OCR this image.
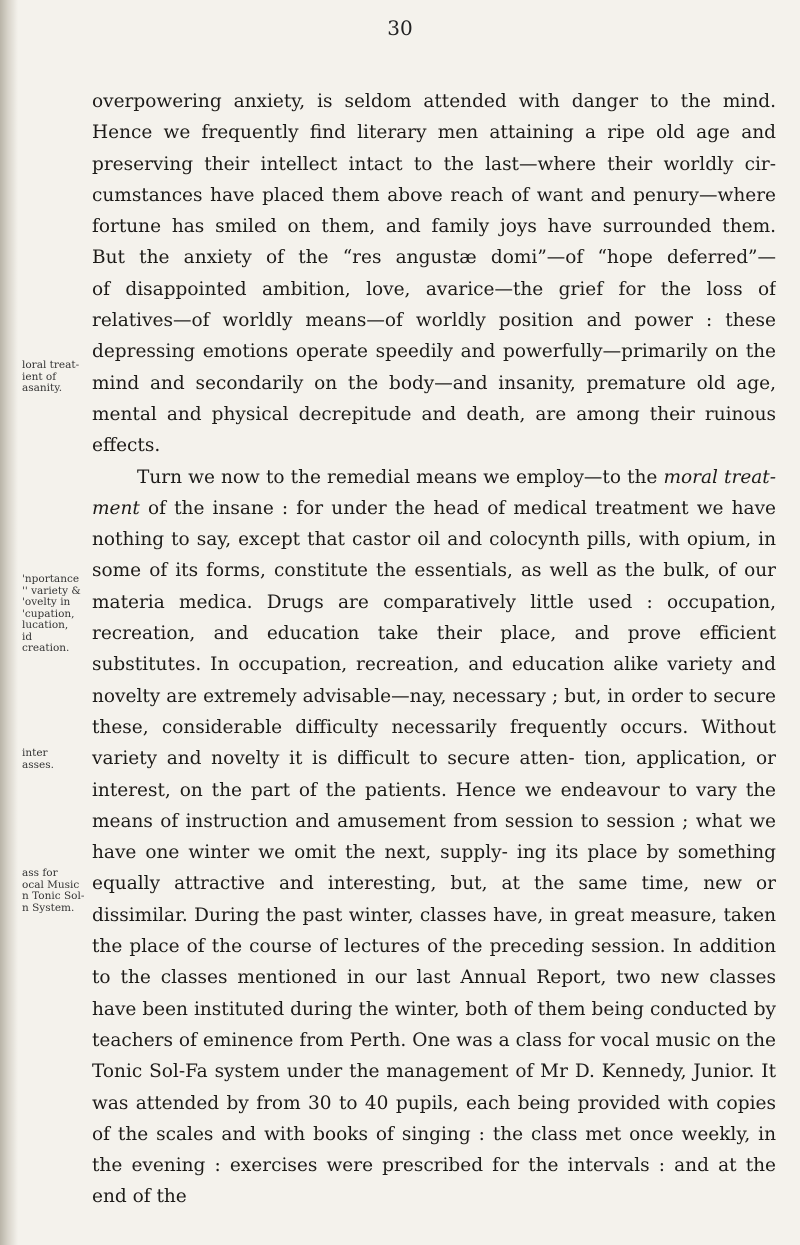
30
loral treat-
ient of
asanity.
'nportance
'' variety &
'ovelty in
'cupation,
lucation,
id
creation.
inter
asses.
ass for
ocal Music
n Tonic Sol-
n System.
overpowering anxiety, is seldom attended with danger to the mind.
Hence we frequently find literary men attaining a ripe old age and
preserving their intellect intact to the last—where their worldly cir-
cumstances have placed them above reach of want and penury—where
fortune has smiled on them, and family joys have surrounded them.
But the anxiety of the “res angustæ domi”—of “hope deferred”—
of disappointed ambition, love, avarice—the grief for the loss of
relatives—of worldly means—of worldly position and power : these
depressing emotions operate speedily and powerfully—primarily on the
mind and secondarily on the body—and insanity, premature old age,
mental and physical decrepitude and death, are among their ruinous
effects.

Turn we now to the remedial means we employ—to the moral treat- ment of the insane : for under the head of medical treatment we have nothing to say, except that castor oil and colocynth pills, with opium, in some of its forms, constitute the essentials, as well as the bulk, of our materia medica. Drugs are comparatively little used : occupation, recreation, and education take their place, and prove efficient substitutes. In occupation, recreation, and education alike variety and novelty are extremely advisable—nay, necessary ; but, in order to secure these, considerable difficulty necessarily frequently occurs. Without variety and novelty it is difficult to secure atten- tion, application, or interest, on the part of the patients. Hence we endeavour to vary the means of instruction and amusement from session to session ; what we have one winter we omit the next, supply- ing its place by something equally attractive and interesting, but, at the same time, new or dissimilar. During the past winter, classes have, in great measure, taken the place of the course of lectures of the preceding session. In addition to the classes mentioned in our last Annual Report, two new classes have been instituted during the winter, both of them being conducted by teachers of eminence from Perth. One was a class for vocal music on the Tonic Sol-Fa system under the management of Mr D. Kennedy, Junior. It was attended by from 30 to 40 pupils, each being provided with copies of the scales and with books of singing : the class met once weekly, in the evening : exercises were prescribed for the intervals : and at the end of the
